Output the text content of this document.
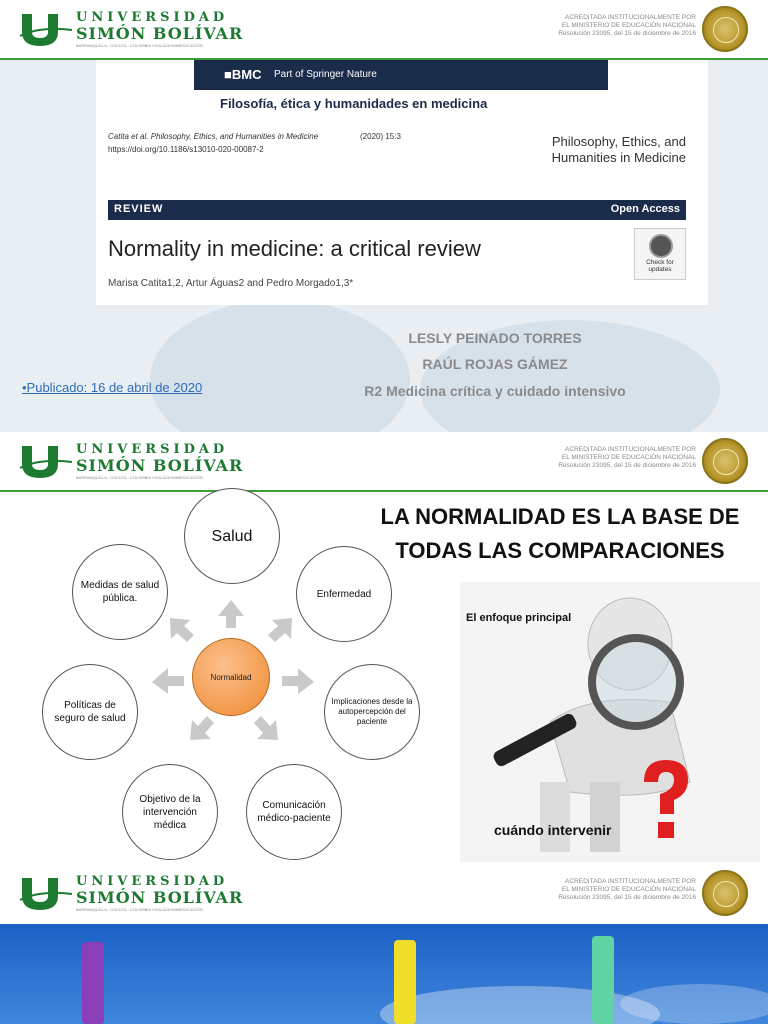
UNIVERSIDAD
SIMÓN BOLÍVAR
BARRANQUILLA - CÚCUTA - COLOMBIA VIGILADA MINEDUCACIÓN
ACREDITADA INSTITUCIONALMENTE POR
EL MINISTERIO DE EDUCACIÓN NACIONAL
Resolución 23095, del 15 de diciembre de 2016
■BMC Part of Springer Nature
Filosofía, ética y humanidades en medicina
Catita et al. Philosophy, Ethics, and Humanities in Medicine	(2020) 15:3
https://doi.org/10.1186/s13010-020-00087-2
Philosophy, Ethics, and
Humanities in Medicine
REVIEW	Open Access
Normality in medicine: a critical review
Marisa Catita1,2, Artur Águas2 and Pedro Morgado1,3*
Check for updates
LESLY PEINADO TORRES
RAÚL ROJAS GÁMEZ
R2 Medicina crítica y cuidado intensivo
•Publicado: 16 de abril de 2020
UNIVERSIDAD
SIMÓN BOLÍVAR
BARRANQUILLA - CÚCUTA - COLOMBIA VIGILADA MINEDUCACIÓN
ACREDITADA INSTITUCIONALMENTE POR
EL MINISTERIO DE EDUCACIÓN NACIONAL
Resolución 23095, del 15 de diciembre de 2016
LA NORMALIDAD ES LA BASE DE TODAS LAS COMPARACIONES
Normalidad
Salud
Enfermedad
Implicaciones desde la autopercepción del paciente
Comunicación médico-paciente
Objetivo de la intervención médica
Políticas de seguro de salud
Medidas de salud pública.
El enfoque principal
cuándo intervenir
UNIVERSIDAD
SIMÓN BOLÍVAR
BARRANQUILLA - CÚCUTA - COLOMBIA VIGILADA MINEDUCACIÓN
ACREDITADA INSTITUCIONALMENTE POR
EL MINISTERIO DE EDUCACIÓN NACIONAL
Resolución 23095, del 15 de diciembre de 2016
